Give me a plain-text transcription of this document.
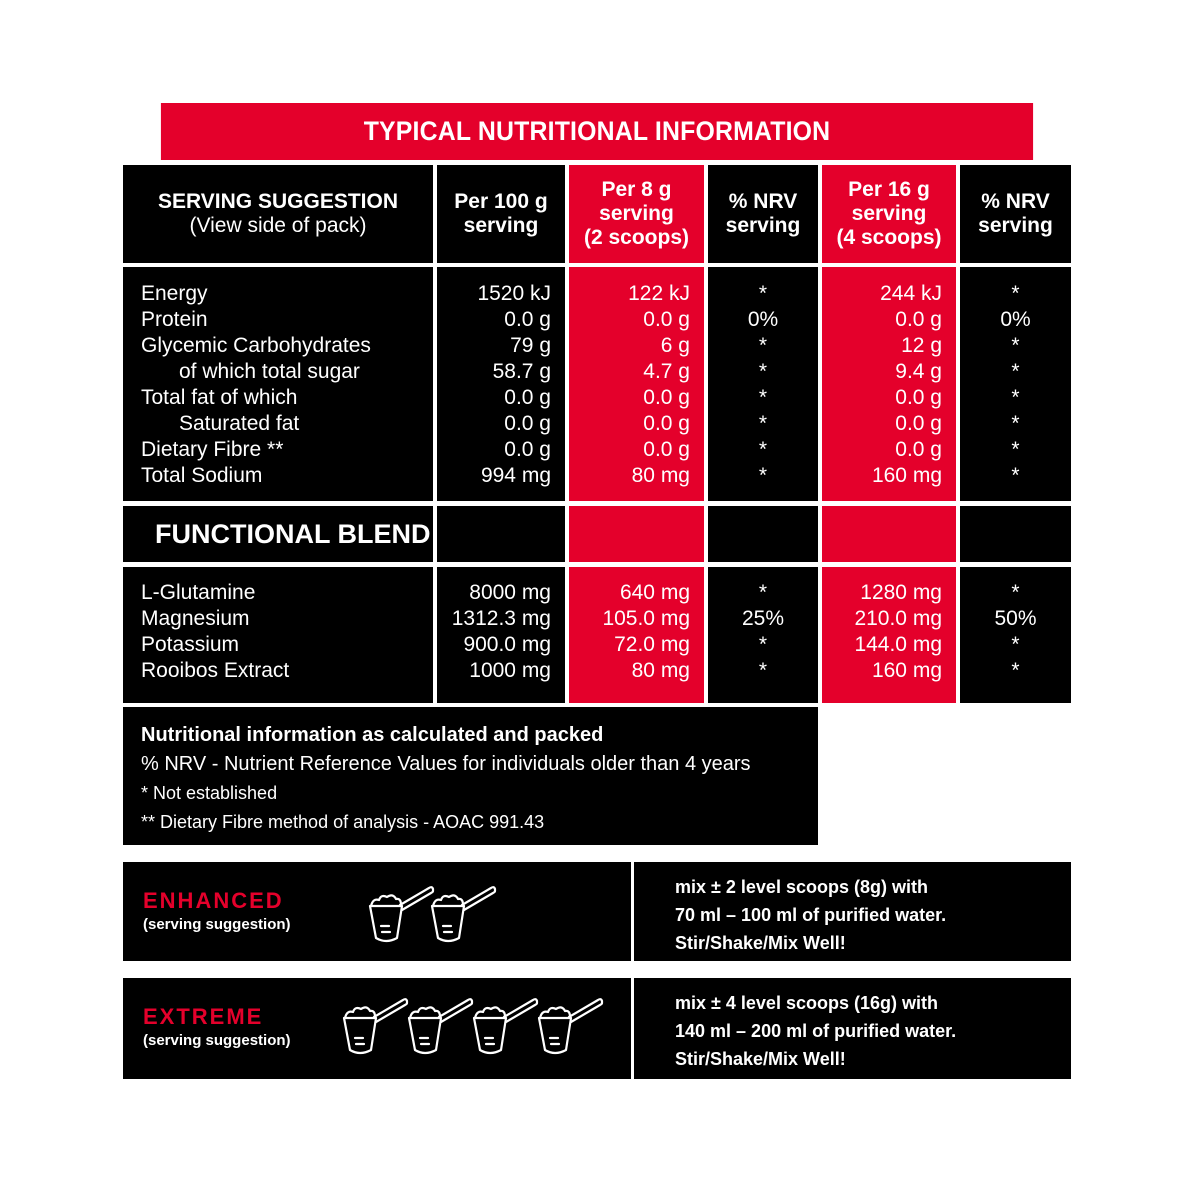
TYPICAL NUTRITIONAL INFORMATION
SERVING SUGGESTION
(View side of pack)
Per 100 g
serving
Per 8 g
serving
(2 scoops)
% NRV
serving
Per 16 g
serving
(4 scoops)
% NRV
serving
Energy
Protein
Glycemic Carbohydrates
of which total sugar
Total fat of which
Saturated fat
Dietary Fibre **
Total Sodium
1520 kJ
0.0 g
79 g
58.7 g
0.0 g
0.0 g
0.0 g
994 mg
122 kJ
0.0 g
6 g
4.7 g
0.0 g
0.0 g
0.0 g
80 mg
*
0%
*
*
*
*
*
*
244 kJ
0.0 g
12 g
9.4 g
0.0 g
0.0 g
0.0 g
160 mg
*
0%
*
*
*
*
*
*
FUNCTIONAL BLEND
L-Glutamine
Magnesium
Potassium
Rooibos Extract
8000 mg
1312.3 mg
900.0 mg
1000 mg
640 mg
105.0 mg
72.0 mg
80 mg
*
25%
*
*
1280 mg
210.0 mg
144.0 mg
160 mg
*
50%
*
*
Nutritional information as calculated and packed
% NRV - Nutrient Reference Values for individuals older than 4 years
* Not established
** Dietary Fibre method of analysis - AOAC 991.43
ENHANCED
(serving suggestion)
mix ± 2 level scoops (8g) with
70 ml – 100 ml of purified water.
Stir/Shake/Mix Well!
EXTREME
(serving suggestion)
mix ± 4 level scoops (16g) with
140 ml – 200 ml of purified water.
Stir/Shake/Mix Well!
